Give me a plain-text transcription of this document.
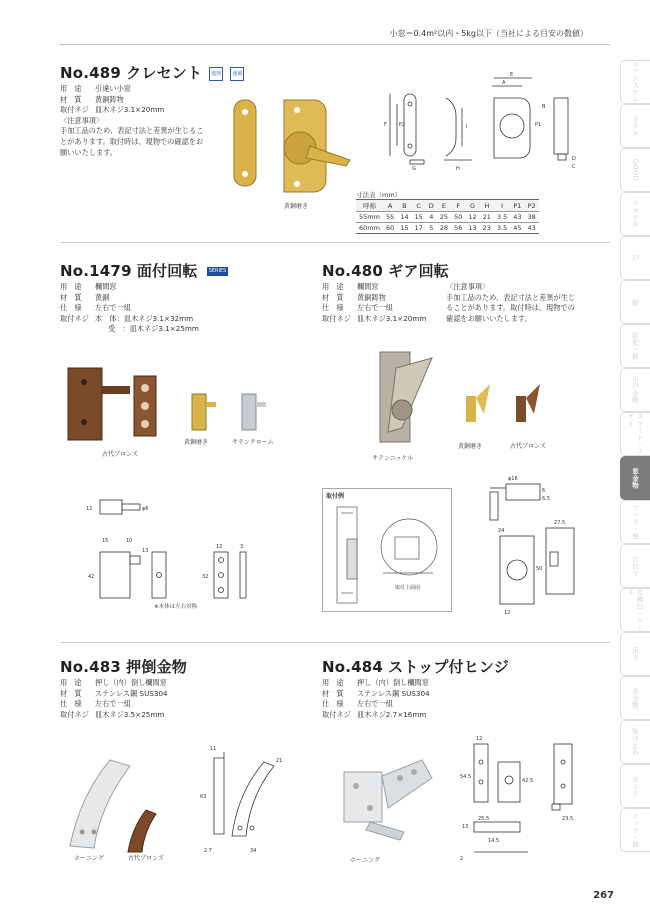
小窓＝0.4m²以内・5kg以下（当社による目安の数値）
No.489 クレセント 遮熱 通風
用　途	引違い小窓
材　質	黄銅鋳物
取付ネジ 皿木ネジ3.1×20mm
〈注意事項〉
手加工品のため、表記寸法と差異が生じることがあります。取付時は、現物での確認をお願いいたします。
黄銅磨き
F P2
G	H
I
E
A
P1
B
D
C
寸法表（mm）
呼称	A	B	C	D	E	F	G	H	I	P1	P2
55mm	55	14	15	4	25	50	12	21	3.5	43	38
60mm	60	15	17	5	28	56	13	23	3.5	45	43
No.1479 面付回転 SERIES
用　途	欄間窓
材　質	黄銅
仕　様	左右で一組
取付ネジ 本　体：皿木ネジ3.1×32mm
受　：皿木ネジ3.1×25mm
古代ブロンズ
黄銅磨き	サテンクローム
12	φ6
15	10
42
13
12	3
32
※本体は左右対称
No.480 ギア回転
用　途	欄間窓
材　質	黄銅鋳物
仕　様	左右で一組
取付ネジ 皿木ネジ3.1×20mm
〈注意事項〉
手加工品のため、表記寸法と差異が生じることがあります。取付時は、現物での確認をお願いいたします。
サテンニッケル
黄銅磨き	古代ブロンズ
取付例
取付上面図
φ16
6
6.5
24
50
12
27.5
No.483 押倒金物
用　途	押し（内）倒し欄間窓
材　質	ステンレス鋼 SUS304
仕　様	左右で一組
取付ネジ 皿木ネジ3.5×25mm
ホーニング	古代ブロンズ
11
63
2.7
21
34
No.484 ストップ付ヒンジ
用　途	押し（内）倒し欄間窓
材　質	ステンレス鋼 SUS304
仕　様	左右で一組
取付ネジ 皿木ネジ2.7×16mm
ホーニング
12
54.5
42.5
13
25.5
14.5
2
23.5
ドアシステム
手すり
GOOD
ウカリタ
戸
錠
防犯・錠
引戸金物
スライド・ステイ
窓金物
フック・他
仕切り
点検口・レール
吊り
窓金物
抜け止め
ガード
ロック・他
267
